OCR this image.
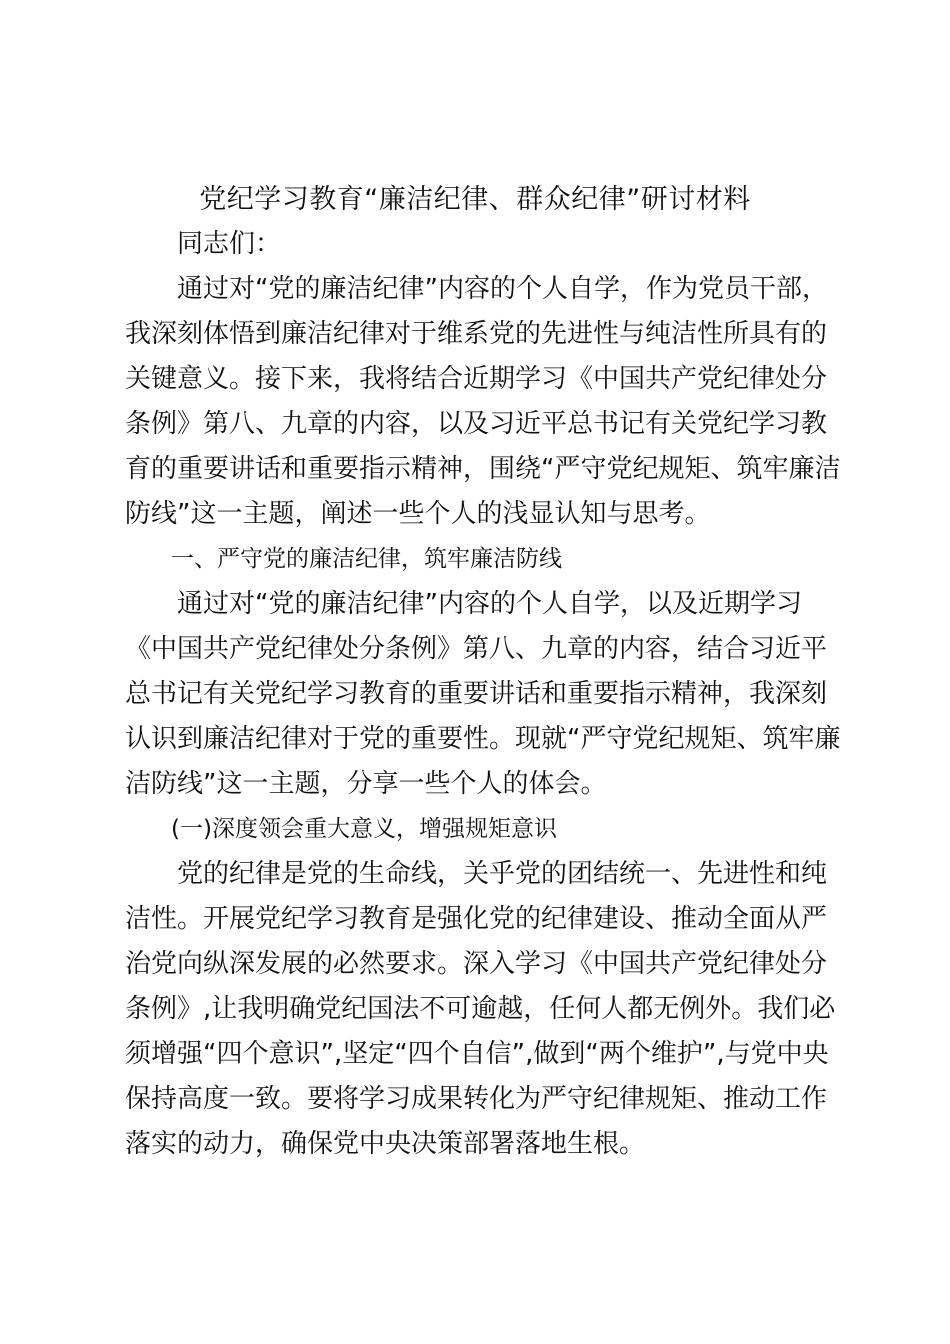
党纪学习教育“廉洁纪律、群众纪律”研讨材料
　　同志们：
　　通过对“党的廉洁纪律”内容的个人自学，作为党员干部，
我深刻体悟到廉洁纪律对于维系党的先进性与纯洁性所具有的
关键意义。接下来，我将结合近期学习《中国共产党纪律处分
条例》第八、九章的内容，以及习近平总书记有关党纪学习教
育的重要讲话和重要指示精神，围绕“严守党纪规矩、筑牢廉洁
防线”这一主题，阐述一些个人的浅显认知与思考。
　　一、严守党的廉洁纪律，筑牢廉洁防线
　　通过对“党的廉洁纪律”内容的个人自学，以及近期学习
《中国共产党纪律处分条例》第八、九章的内容，结合习近平
总书记有关党纪学习教育的重要讲话和重要指示精神，我深刻
认识到廉洁纪律对于党的重要性。现就“严守党纪规矩、筑牢廉
洁防线”这一主题，分享一些个人的体会。
　　(一)深度领会重大意义，增强规矩意识
　　党的纪律是党的生命线，关乎党的团结统一、先进性和纯
洁性。开展党纪学习教育是强化党的纪律建设、推动全面从严
治党向纵深发展的必然要求。深入学习《中国共产党纪律处分
条例》,让我明确党纪国法不可逾越，任何人都无例外。我们必
须增强“四个意识”,坚定“四个自信”,做到“两个维护”,与党中央
保持高度一致。要将学习成果转化为严守纪律规矩、推动工作
落实的动力，确保党中央决策部署落地生根。
